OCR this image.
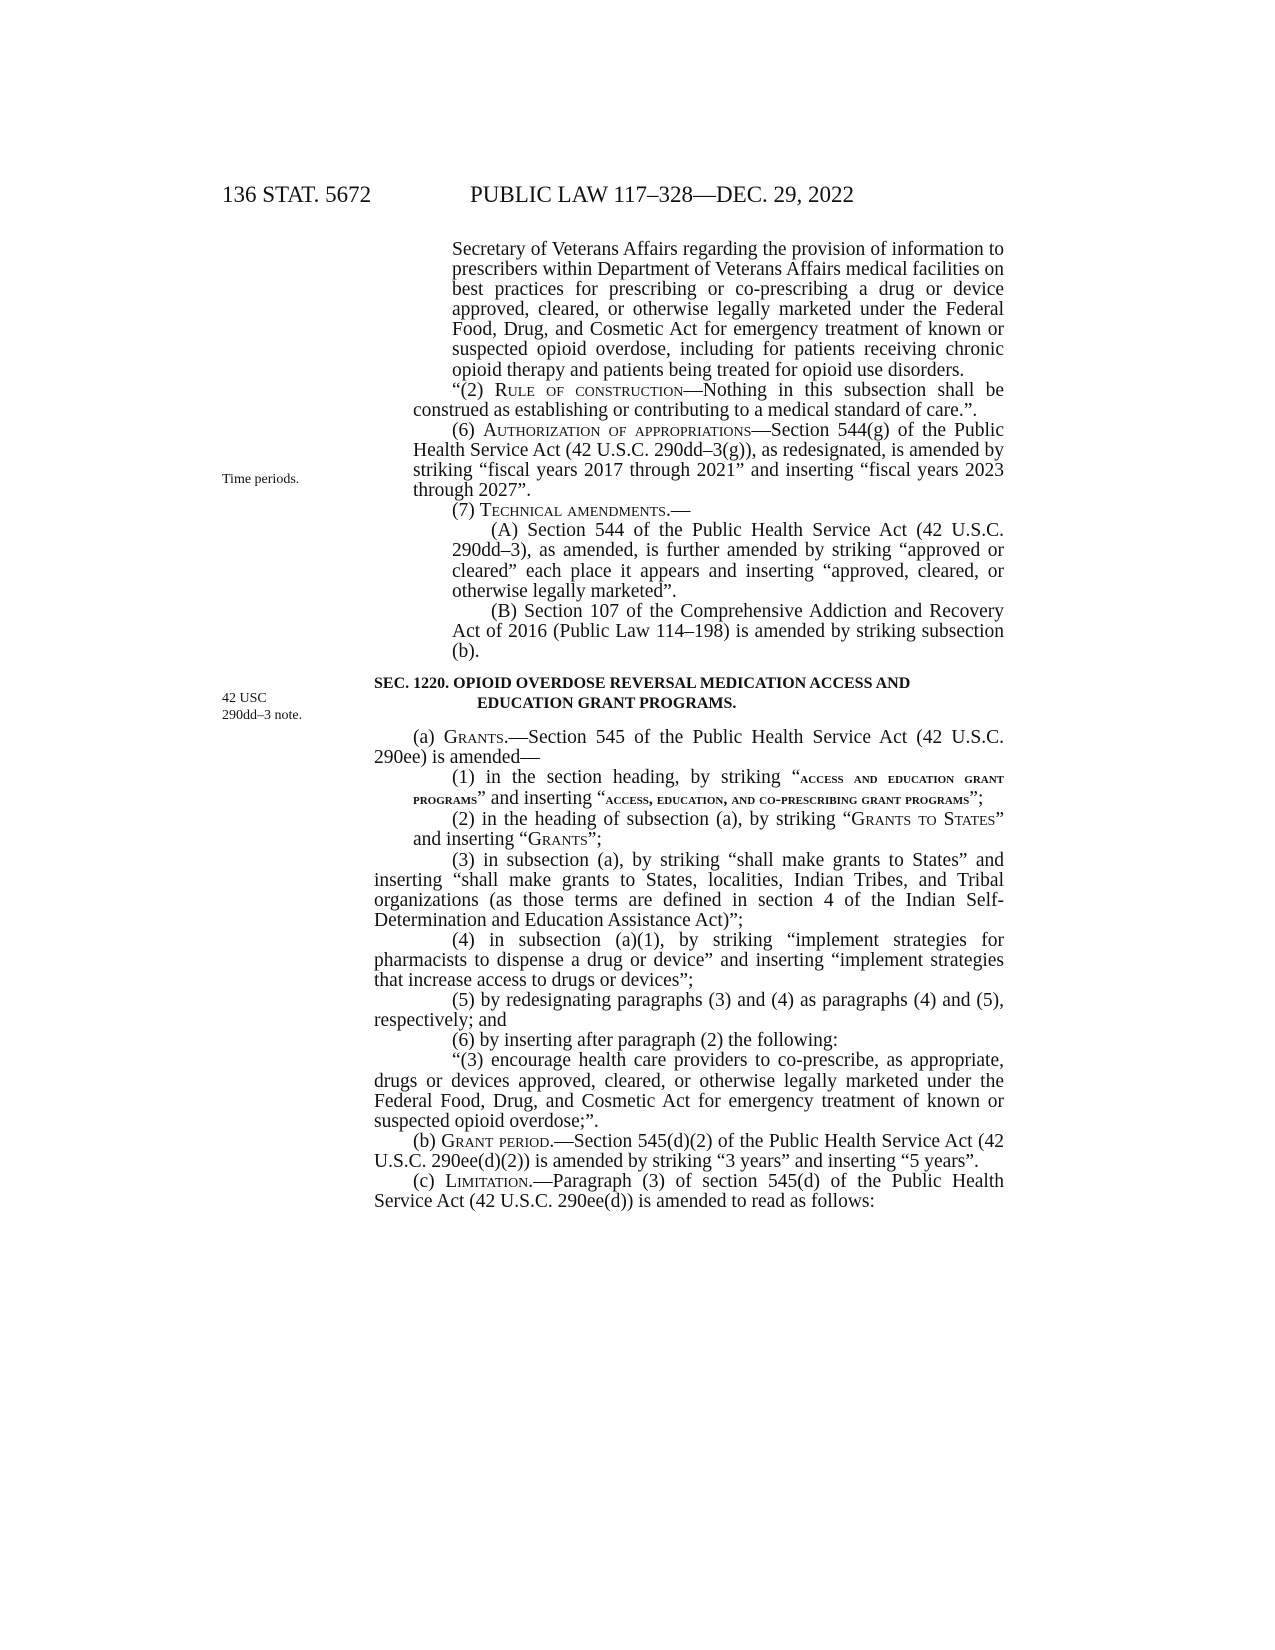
136 STAT. 5672	PUBLIC LAW 117–328—DEC. 29, 2022
Time periods.
42 USC
290dd–3 note.

Secretary of Veterans Affairs regarding the provision of information to prescribers within Department of Veterans Affairs medical facilities on best practices for prescribing or co-prescribing a drug or device approved, cleared, or otherwise legally marketed under the Federal Food, Drug, and Cosmetic Act for emergency treatment of known or suspected opioid overdose, including for patients receiving chronic opioid therapy and patients being treated for opioid use disorders.

“(2) Rule of construction—Nothing in this subsection shall be construed as establishing or contributing to a medical standard of care.”.

(6) Authorization of appropriations—Section 544(g) of the Public Health Service Act (42 U.S.C. 290dd–3(g)), as redesignated, is amended by striking “fiscal years 2017 through 2021” and inserting “fiscal years 2023 through 2027”.

(7) Technical amendments.—

(A) Section 544 of the Public Health Service Act (42 U.S.C. 290dd–3), as amended, is further amended by striking “approved or cleared” each place it appears and inserting “approved, cleared, or otherwise legally marketed”.

(B) Section 107 of the Comprehensive Addiction and Recovery Act of 2016 (Public Law 114–198) is amended by striking subsection (b).

SEC. 1220. OPIOID OVERDOSE REVERSAL MEDICATION ACCESS AND
EDUCATION GRANT PROGRAMS.

(a) Grants.—Section 545 of the Public Health Service Act (42 U.S.C. 290ee) is amended—

(1) in the section heading, by striking “access and education grant programs” and inserting “access, education, and co-prescribing grant programs”;

(2) in the heading of subsection (a), by striking “Grants to States” and inserting “Grants”;

(3) in subsection (a), by striking “shall make grants to States” and inserting “shall make grants to States, localities, Indian Tribes, and Tribal organizations (as those terms are defined in section 4 of the Indian Self-Determination and Education Assistance Act)”;

(4) in subsection (a)(1), by striking “implement strategies for pharmacists to dispense a drug or device” and inserting “implement strategies that increase access to drugs or devices”;

(5) by redesignating paragraphs (3) and (4) as paragraphs (4) and (5), respectively; and

(6) by inserting after paragraph (2) the following:

“(3) encourage health care providers to co-prescribe, as appropriate, drugs or devices approved, cleared, or otherwise legally marketed under the Federal Food, Drug, and Cosmetic Act for emergency treatment of known or suspected opioid overdose;”.

(b) Grant period.—Section 545(d)(2) of the Public Health Service Act (42 U.S.C. 290ee(d)(2)) is amended by striking “3 years” and inserting “5 years”.

(c) Limitation.—Paragraph (3) of section 545(d) of the Public Health Service Act (42 U.S.C. 290ee(d)) is amended to read as follows:
